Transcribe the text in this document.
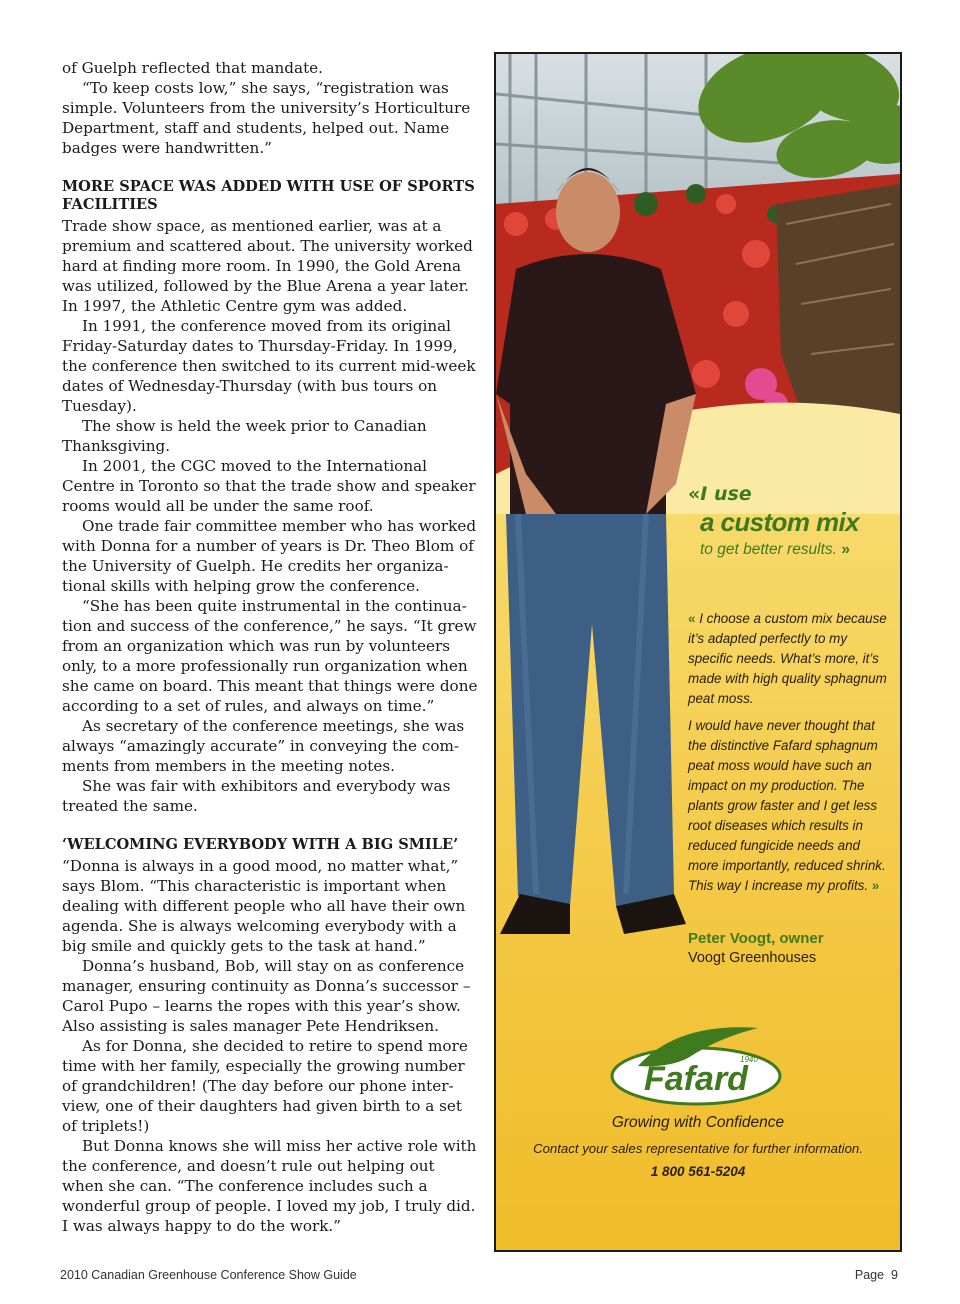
of Guelph reflected that mandate.

“To keep costs low,” she says, “registration was simple. Volunteers from the university’s Horticulture Department, staff and students, helped out. Name badges were handwritten.”

MORE SPACE WAS ADDED WITH USE OF SPORTS FACILITIES

Trade show space, as mentioned earlier, was at a premium and scattered about. The university worked hard at finding more room. In 1990, the Gold Arena was utilized, followed by the Blue Arena a year later. In 1997, the Athletic Centre gym was added.

In 1991, the conference moved from its original Friday-Saturday dates to Thursday-Friday. In 1999, the conference then switched to its current mid-week dates of Wednesday-Thursday (with bus tours on Tuesday).

The show is held the week prior to Canadian Thanksgiving.

In 2001, the CGC moved to the International Centre in Toronto so that the trade show and speaker rooms would all be under the same roof.

One trade fair committee member who has worked with Donna for a number of years is Dr. Theo Blom of the University of Guelph. He credits her organiza-tional skills with helping grow the conference.

“She has been quite instrumental in the continua-tion and success of the conference,” he says. “It grew from an organization which was run by volunteers only, to a more professionally run organization when she came on board. This meant that things were done according to a set of rules, and always on time.”

As secretary of the conference meetings, she was always “amazingly accurate” in conveying the com-ments from members in the meeting notes.

She was fair with exhibitors and everybody was treated the same.

‘WELCOMING EVERYBODY WITH A BIG SMILE’

“Donna is always in a good mood, no matter what,” says Blom. “This characteristic is important when dealing with different people who all have their own agenda. She is always welcoming everybody with a big smile and quickly gets to the task at hand.”

Donna’s husband, Bob, will stay on as conference manager, ensuring continuity as Donna’s successor – Carol Pupo – learns the ropes with this year’s show. Also assisting is sales manager Pete Hendriksen.

As for Donna, she decided to retire to spend more time with her family, especially the growing number of grandchildren! (The day before our phone inter-view, one of their daughters had given birth to a set of triplets!)

But Donna knows she will miss her active role with the conference, and doesn’t rule out helping out when she can. “The conference includes such a wonderful group of people. I loved my job, I truly did. I was always happy to do the work.”

«I use
a custom mix
to get better results. »

« I choose a custom mix because it’s adapted perfectly to my specific needs. What’s more, it’s made with high quality sphagnum peat moss.

I would have never thought that the distinctive Fafard sphagnum peat moss would have such an impact on my production. The plants grow faster and I get less root diseases which results in reduced fungicide needs and more importantly, reduced shrink. This way I increase my profits. »

Peter Voogt, owner
Voogt Greenhouses
1940
Fafard
Growing with Confidence
Contact your sales representative for further information.
1 800 561-5204
2010 Canadian Greenhouse Conference Show Guide	Page 9
